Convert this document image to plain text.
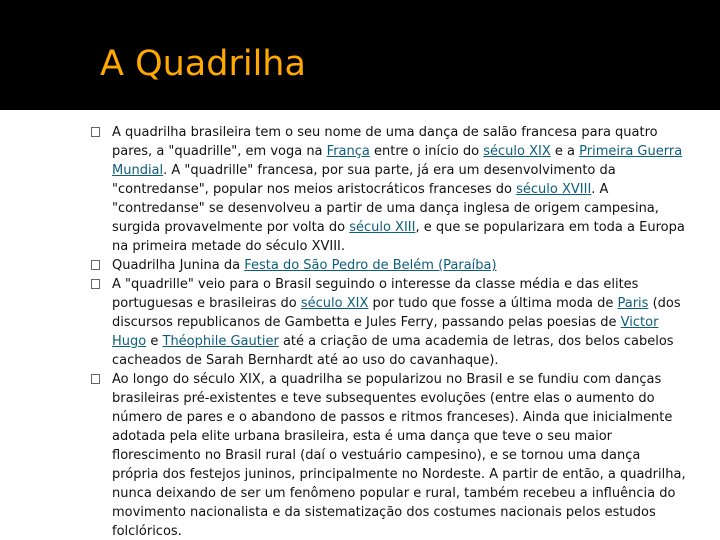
A Quadrilha
A quadrilha brasileira tem o seu nome de uma dança de salão francesa para quatro pares, a "quadrille", em voga na França entre o início do século XIX e a Primeira Guerra Mundial. A "quadrille" francesa, por sua parte, já era um desenvolvimento da "contredanse", popular nos meios aristocráticos franceses do século XVIII. A "contredanse" se desenvolveu a partir de uma dança inglesa de origem campesina, surgida provavelmente por volta do século XIII, e que se popularizara em toda a Europa na primeira metade do século XVIII.
Quadrilha Junina da Festa do São Pedro de Belém (Paraíba)
A "quadrille" veio para o Brasil seguindo o interesse da classe média e das elites portuguesas e brasileiras do século XIX por tudo que fosse a última moda de Paris (dos discursos republicanos de Gambetta e Jules Ferry, passando pelas poesias de Victor Hugo e Théophile Gautier até a criação de uma academia de letras, dos belos cabelos cacheados de Sarah Bernhardt até ao uso do cavanhaque).
Ao longo do século XIX, a quadrilha se popularizou no Brasil e se fundiu com danças brasileiras pré-existentes e teve subsequentes evoluções (entre elas o aumento do número de pares e o abandono de passos e ritmos franceses). Ainda que inicialmente adotada pela elite urbana brasileira, esta é uma dança que teve o seu maior florescimento no Brasil rural (daí o vestuário campesino), e se tornou uma dança própria dos festejos juninos, principalmente no Nordeste. A partir de então, a quadrilha, nunca deixando de ser um fenômeno popular e rural, também recebeu a influência do movimento nacionalista e da sistematização dos costumes nacionais pelos estudos folclóricos.
